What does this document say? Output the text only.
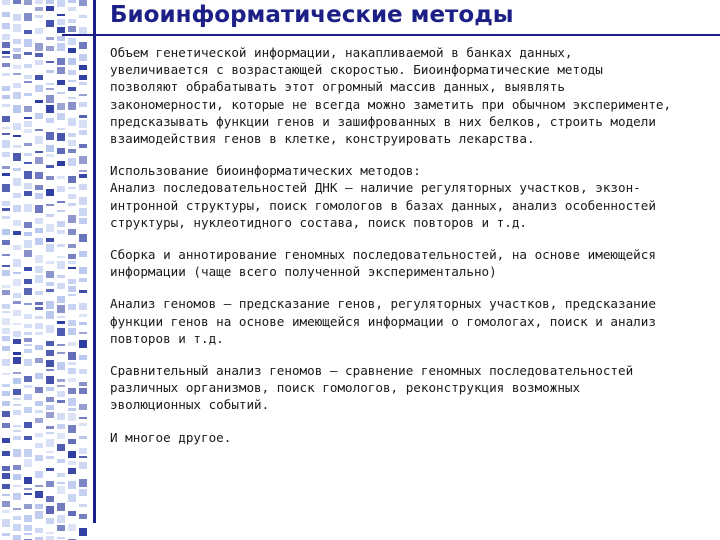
Биоинформатические методы

Объем генетической информации, накапливаемой в банках данных,
увеличивается с возрастающей скоростью. Биоинформатические методы
позволяют обрабатывать этот огромный массив данных, выявлять
закономерности, которые не всегда можно заметить при обычном эксперименте,
предсказывать функции генов и зашифрованных в них белков, строить модели
взаимодействия генов в клетке, конструировать лекарства.

Использование биоинформатических методов:
Анализ последовательностей ДНК – наличие регуляторных участков, экзон-
интронной структуры, поиск гомологов в базах данных, анализ особенностей
структуры, нуклеотидного состава, поиск повторов и т.д.

Сборка и аннотирование геномных последовательностей, на основе имеющейся
информации (чаще всего полученной экспериментально)

Анализ геномов – предсказание генов, регуляторных участков, предсказание
функции генов на основе имеющейся информации о гомологах, поиск и анализ
повторов и т.д.

Сравнительный анализ геномов – сравнение геномных последовательностей
различных организмов, поиск гомологов, реконструкция возможных
эволюционных событий.

И многое другое.
